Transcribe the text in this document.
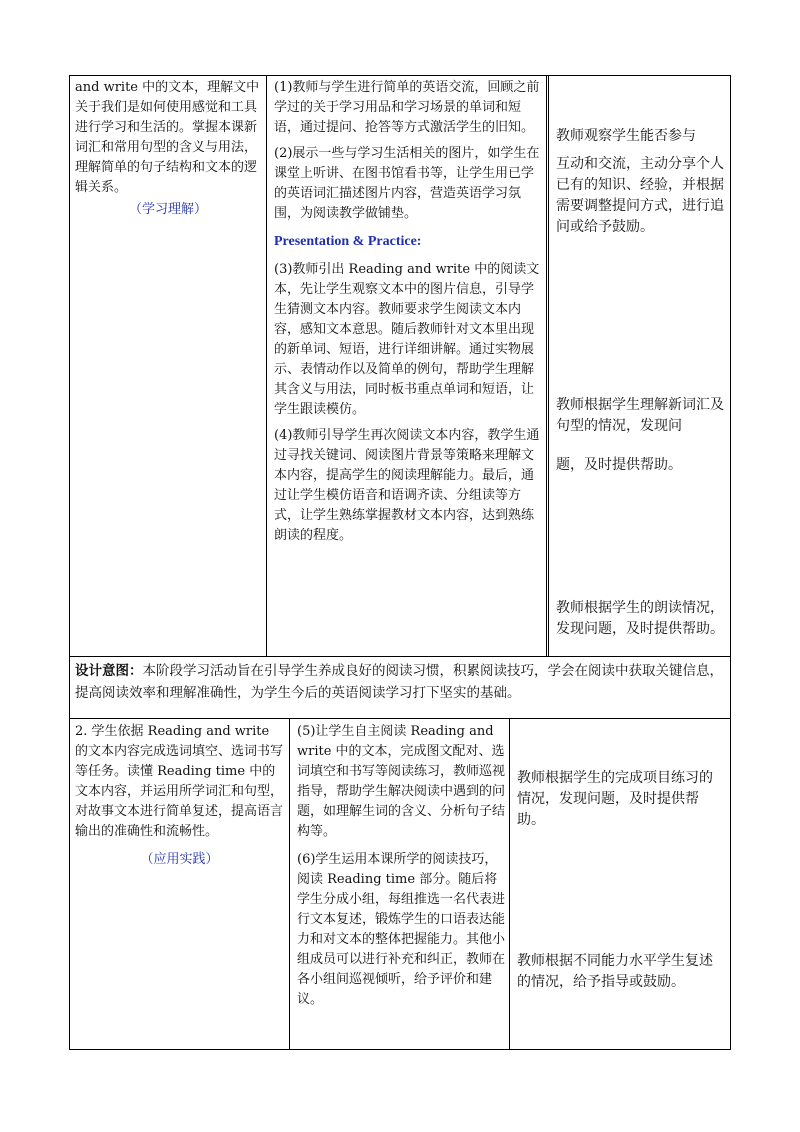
and write 中的文本，理解文中关于我们是如何使用感觉和工具进行学习和生活的。掌握本课新词汇和常用句型的含义与用法，理解简单的句子结构和文本的逻辑关系。

（学习理解）

(1)教师与学生进行简单的英语交流，回顾之前学过的关于学习用品和学习场景的单词和短语，通过提问、抢答等方式激活学生的旧知。

(2)展示一些与学习生活相关的图片，如学生在课堂上听讲、在图书馆看书等，让学生用已学的英语词汇描述图片内容，营造英语学习氛围，为阅读教学做铺垫。

Presentation & Practice:

(3)教师引出 Reading and write 中的阅读文本，先让学生观察文本中的图片信息，引导学生猜测文本内容。教师要求学生阅读文本内容，感知文本意思。随后教师针对文本里出现的新单词、短语，进行详细讲解。通过实物展示、表情动作以及简单的例句，帮助学生理解其含义与用法，同时板书重点单词和短语，让学生跟读模仿。

(4)教师引导学生再次阅读文本内容，教学生通过寻找关键词、阅读图片背景等策略来理解文本内容，提高学生的阅读理解能力。最后，通过让学生模仿语音和语调齐读、分组读等方式，让学生熟练掌握教材文本内容，达到熟练朗读的程度。

教师观察学生能否参与

互动和交流，主动分享个人已有的知识、经验，并根据需要调整提问方式，进行追问或给予鼓励。

教师根据学生理解新词汇及句型的情况，发现问

题，及时提供帮助。

教师根据学生的朗读情况，发现问题，及时提供帮助。

设计意图：本阶段学习活动旨在引导学生养成良好的阅读习惯，积累阅读技巧，学会在阅读中获取关键信息，提高阅读效率和理解准确性，为学生今后的英语阅读学习打下坚实的基础。

2. 学生依据 Reading and write 的文本内容完成选词填空、选词书写等任务。读懂 Reading time 中的文本内容，并运用所学词汇和句型，对故事文本进行简单复述，提高语言输出的准确性和流畅性。

（应用实践）

(5)让学生自主阅读 Reading and write 中的文本，完成图文配对、选词填空和书写等阅读练习，教师巡视指导，帮助学生解决阅读中遇到的问题，如理解生词的含义、分析句子结构等。

(6)学生运用本课所学的阅读技巧，阅读 Reading time 部分。随后将学生分成小组，每组推选一名代表进行文本复述，锻炼学生的口语表达能力和对文本的整体把握能力。其他小组成员可以进行补充和纠正，教师在各小组间巡视倾听，给予评价和建议。

教师根据学生的完成项目练习的情况，发现问题，及时提供帮助。

教师根据不同能力水平学生复述的情况，给予指导或鼓励。
